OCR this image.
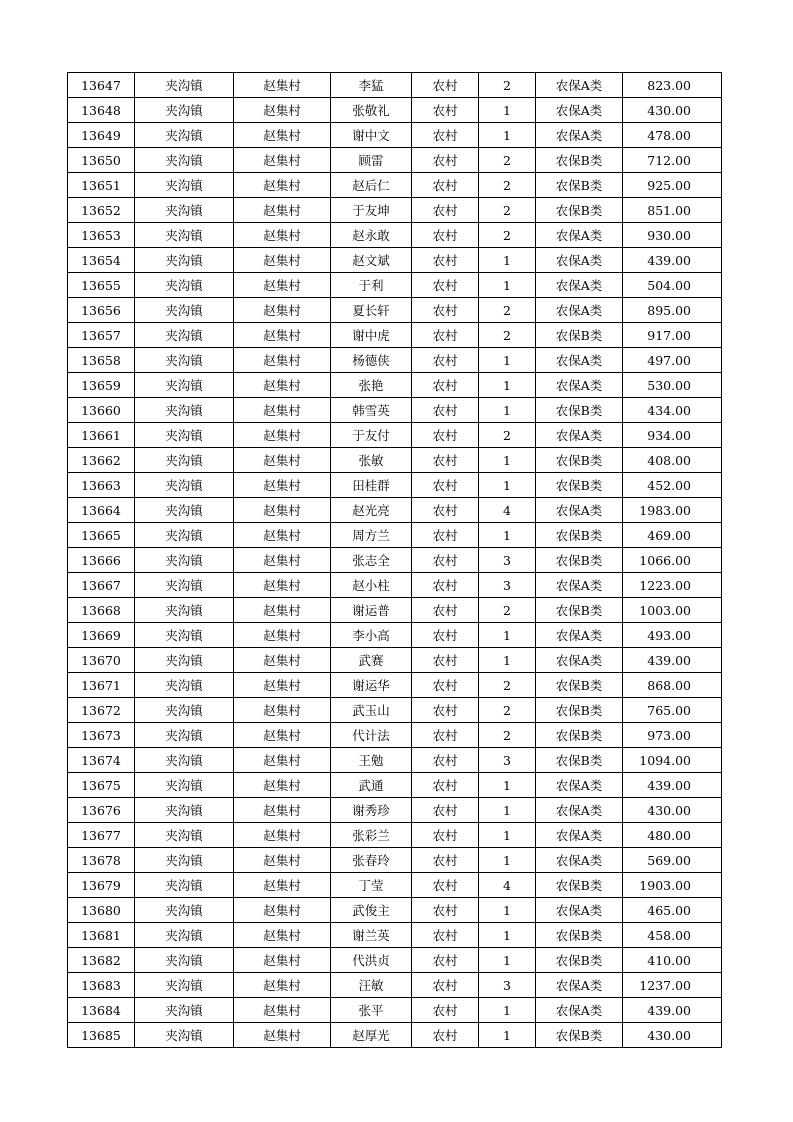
13647	夹沟镇	赵集村	李猛	农村	2	农保A类	823.00
13648	夹沟镇	赵集村	张敬礼	农村	1	农保A类	430.00
13649	夹沟镇	赵集村	谢中文	农村	1	农保A类	478.00
13650	夹沟镇	赵集村	顾雷	农村	2	农保B类	712.00
13651	夹沟镇	赵集村	赵后仁	农村	2	农保B类	925.00
13652	夹沟镇	赵集村	于友坤	农村	2	农保B类	851.00
13653	夹沟镇	赵集村	赵永敢	农村	2	农保A类	930.00
13654	夹沟镇	赵集村	赵文斌	农村	1	农保A类	439.00
13655	夹沟镇	赵集村	于利	农村	1	农保A类	504.00
13656	夹沟镇	赵集村	夏长轩	农村	2	农保A类	895.00
13657	夹沟镇	赵集村	谢中虎	农村	2	农保B类	917.00
13658	夹沟镇	赵集村	杨德侠	农村	1	农保A类	497.00
13659	夹沟镇	赵集村	张艳	农村	1	农保A类	530.00
13660	夹沟镇	赵集村	韩雪英	农村	1	农保B类	434.00
13661	夹沟镇	赵集村	于友付	农村	2	农保A类	934.00
13662	夹沟镇	赵集村	张敏	农村	1	农保B类	408.00
13663	夹沟镇	赵集村	田桂群	农村	1	农保B类	452.00
13664	夹沟镇	赵集村	赵光亮	农村	4	农保A类	1983.00
13665	夹沟镇	赵集村	周方兰	农村	1	农保B类	469.00
13666	夹沟镇	赵集村	张志全	农村	3	农保B类	1066.00
13667	夹沟镇	赵集村	赵小柱	农村	3	农保A类	1223.00
13668	夹沟镇	赵集村	谢运普	农村	2	农保B类	1003.00
13669	夹沟镇	赵集村	李小高	农村	1	农保A类	493.00
13670	夹沟镇	赵集村	武赛	农村	1	农保A类	439.00
13671	夹沟镇	赵集村	谢运华	农村	2	农保B类	868.00
13672	夹沟镇	赵集村	武玉山	农村	2	农保B类	765.00
13673	夹沟镇	赵集村	代计法	农村	2	农保B类	973.00
13674	夹沟镇	赵集村	王勉	农村	3	农保B类	1094.00
13675	夹沟镇	赵集村	武通	农村	1	农保A类	439.00
13676	夹沟镇	赵集村	谢秀珍	农村	1	农保A类	430.00
13677	夹沟镇	赵集村	张彩兰	农村	1	农保A类	480.00
13678	夹沟镇	赵集村	张春玲	农村	1	农保A类	569.00
13679	夹沟镇	赵集村	丁莹	农村	4	农保B类	1903.00
13680	夹沟镇	赵集村	武俊主	农村	1	农保A类	465.00
13681	夹沟镇	赵集村	谢兰英	农村	1	农保B类	458.00
13682	夹沟镇	赵集村	代洪贞	农村	1	农保B类	410.00
13683	夹沟镇	赵集村	汪敏	农村	3	农保A类	1237.00
13684	夹沟镇	赵集村	张平	农村	1	农保A类	439.00
13685	夹沟镇	赵集村	赵厚光	农村	1	农保B类	430.00
